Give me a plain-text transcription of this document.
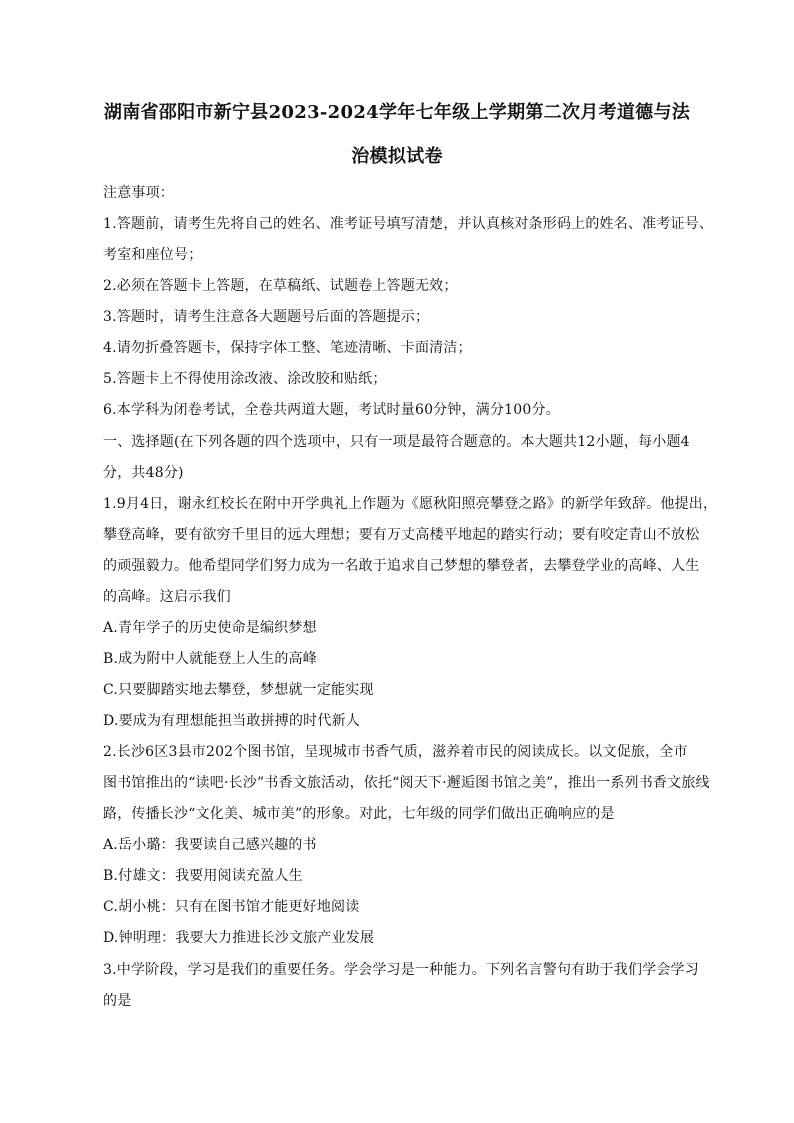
湖南省邵阳市新宁县2023-2024学年七年级上学期第二次月考道德与法
治模拟试卷
注意事项：
1.答题前，请考生先将自己的姓名、准考证号填写清楚，并认真核对条形码上的姓名、准考证号、
考室和座位号；
2.必须在答题卡上答题，在草稿纸、试题卷上答题无效；
3.答题时，请考生注意各大题题号后面的答题提示；
4.请勿折叠答题卡，保持字体工整、笔迹清晰、卡面清洁；
5.答题卡上不得使用涂改液、涂改胶和贴纸；
6.本学科为闭卷考试，全卷共两道大题，考试时量60分钟，满分100分。
一、选择题(在下列各题的四个选项中，只有一项是最符合题意的。本大题共12小题，每小题4
分，共48分)
1.9月4日，谢永红校长在附中开学典礼上作题为《愿秋阳照亮攀登之路》的新学年致辞。他提出，
攀登高峰，要有欲穷千里目的远大理想；要有万丈高楼平地起的踏实行动；要有咬定青山不放松
的顽强毅力。他希望同学们努力成为一名敢于追求自己梦想的攀登者，去攀登学业的高峰、人生
的高峰。这启示我们
A.青年学子的历史使命是编织梦想
B.成为附中人就能登上人生的高峰
C.只要脚踏实地去攀登，梦想就一定能实现
D.要成为有理想能担当敢拼搏的时代新人
2.长沙6区3县市202个图书馆，呈现城市书香气质，滋养着市民的阅读成长。以文促旅，全市
图书馆推出的“读吧·长沙”书香文旅活动，依托“阅天下·邂逅图书馆之美”，推出一系列书香文旅线
路，传播长沙“文化美、城市美”的形象。对此，七年级的同学们做出正确响应的是
A.岳小璐：我要读自己感兴趣的书
B.付雄文：我要用阅读充盈人生
C.胡小桃：只有在图书馆才能更好地阅读
D.钟明理：我要大力推进长沙文旅产业发展
3.中学阶段，学习是我们的重要任务。学会学习是一种能力。下列名言警句有助于我们学会学习
的是
